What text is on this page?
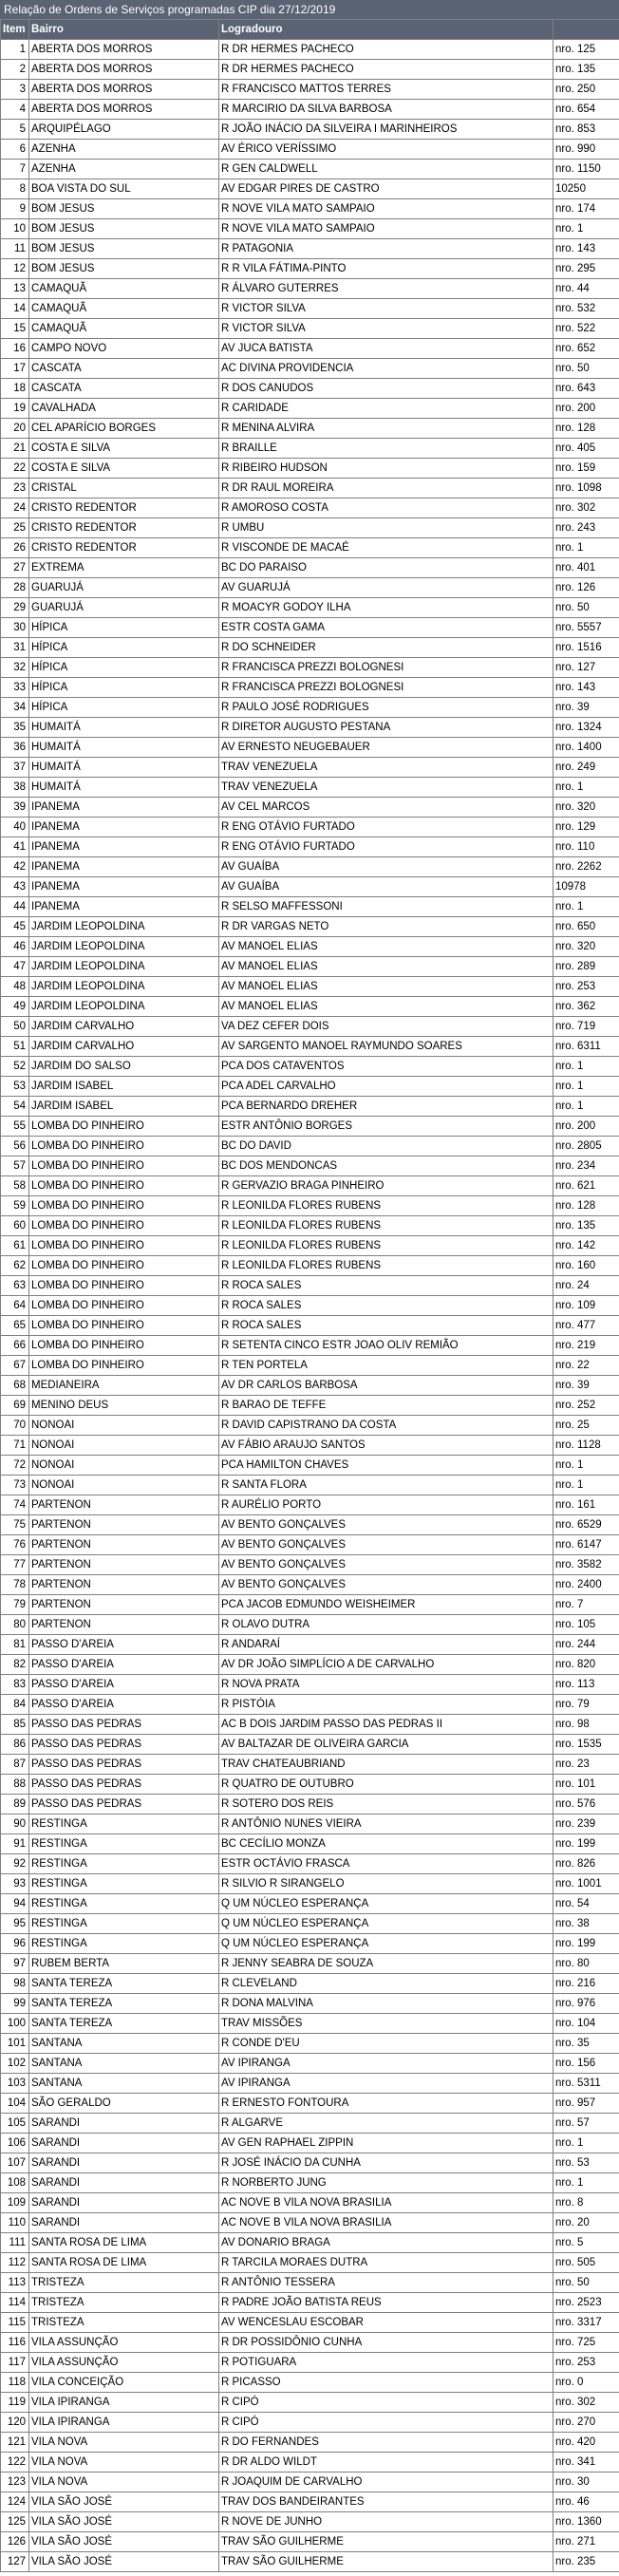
Relação de Ordens de Serviços programadas CIP dia 27/12/2019
Item	Bairro	Logradouro	
1	ABERTA DOS MORROS	R DR HERMES PACHECO	nro. 125
2	ABERTA DOS MORROS	R DR HERMES PACHECO	nro. 135
3	ABERTA DOS MORROS	R FRANCISCO MATTOS TERRES	nro. 250
4	ABERTA DOS MORROS	R MARCIRIO DA SILVA BARBOSA	nro. 654
5	ARQUIPÉLAGO	R JOÃO INÁCIO DA SILVEIRA I MARINHEIROS	nro. 853
6	AZENHA	AV ÉRICO VERÍSSIMO	nro. 990
7	AZENHA	R GEN CALDWELL	nro. 1150
8	BOA VISTA DO SUL	AV EDGAR PIRES DE CASTRO	10250
9	BOM JESUS	R NOVE VILA MATO SAMPAIO	nro. 174
10	BOM JESUS	R NOVE VILA MATO SAMPAIO	nro. 1
11	BOM JESUS	R PATAGONIA	nro. 143
12	BOM JESUS	R R VILA FÁTIMA-PINTO	nro. 295
13	CAMAQUÃ	R ÁLVARO GUTERRES	nro. 44
14	CAMAQUÃ	R VICTOR SILVA	nro. 532
15	CAMAQUÃ	R VICTOR SILVA	nro. 522
16	CAMPO NOVO	AV JUCA BATISTA	nro. 652
17	CASCATA	AC DIVINA PROVIDENCIA	nro. 50
18	CASCATA	R DOS CANUDOS	nro. 643
19	CAVALHADA	R CARIDADE	nro. 200
20	CEL APARÍCIO BORGES	R MENINA ALVIRA	nro. 128
21	COSTA E SILVA	R BRAILLE	nro. 405
22	COSTA E SILVA	R RIBEIRO HUDSON	nro. 159
23	CRISTAL	R DR RAUL MOREIRA	nro. 1098
24	CRISTO REDENTOR	R AMOROSO COSTA	nro. 302
25	CRISTO REDENTOR	R UMBU	nro. 243
26	CRISTO REDENTOR	R VISCONDE DE MACAÉ	nro. 1
27	EXTREMA	BC DO PARAISO	nro. 401
28	GUARUJÁ	AV GUARUJÁ	nro. 126
29	GUARUJÁ	R MOACYR GODOY ILHA	nro. 50
30	HÍPICA	ESTR COSTA GAMA	nro. 5557
31	HÍPICA	R DO SCHNEIDER	nro. 1516
32	HÍPICA	R FRANCISCA PREZZI BOLOGNESI	nro. 127
33	HÍPICA	R FRANCISCA PREZZI BOLOGNESI	nro. 143
34	HÍPICA	R PAULO JOSÉ RODRIGUES	nro. 39
35	HUMAITÁ	R DIRETOR AUGUSTO PESTANA	nro. 1324
36	HUMAITÁ	AV ERNESTO NEUGEBAUER	nro. 1400
37	HUMAITÁ	TRAV VENEZUELA	nro. 249
38	HUMAITÁ	TRAV VENEZUELA	nro. 1
39	IPANEMA	AV CEL MARCOS	nro. 320
40	IPANEMA	R ENG OTÁVIO FURTADO	nro. 129
41	IPANEMA	R ENG OTÁVIO FURTADO	nro. 110
42	IPANEMA	AV GUAÍBA	nro. 2262
43	IPANEMA	AV GUAÍBA	10978
44	IPANEMA	R SELSO MAFFESSONI	nro. 1
45	JARDIM LEOPOLDINA	R DR VARGAS NETO	nro. 650
46	JARDIM LEOPOLDINA	AV MANOEL ELIAS	nro. 320
47	JARDIM LEOPOLDINA	AV MANOEL ELIAS	nro. 289
48	JARDIM LEOPOLDINA	AV MANOEL ELIAS	nro. 253
49	JARDIM LEOPOLDINA	AV MANOEL ELIAS	nro. 362
50	JARDIM CARVALHO	VA DEZ CEFER DOIS	nro. 719
51	JARDIM CARVALHO	AV SARGENTO MANOEL RAYMUNDO SOARES	nro. 6311
52	JARDIM DO SALSO	PCA DOS CATAVENTOS	nro. 1
53	JARDIM ISABEL	PCA ADEL CARVALHO	nro. 1
54	JARDIM ISABEL	PCA BERNARDO DREHER	nro. 1
55	LOMBA DO PINHEIRO	ESTR ANTÔNIO BORGES	nro. 200
56	LOMBA DO PINHEIRO	BC DO DAVID	nro. 2805
57	LOMBA DO PINHEIRO	BC DOS MENDONCAS	nro. 234
58	LOMBA DO PINHEIRO	R GERVAZIO BRAGA PINHEIRO	nro. 621
59	LOMBA DO PINHEIRO	R LEONILDA FLORES RUBENS	nro. 128
60	LOMBA DO PINHEIRO	R LEONILDA FLORES RUBENS	nro. 135
61	LOMBA DO PINHEIRO	R LEONILDA FLORES RUBENS	nro. 142
62	LOMBA DO PINHEIRO	R LEONILDA FLORES RUBENS	nro. 160
63	LOMBA DO PINHEIRO	R ROCA SALES	nro. 24
64	LOMBA DO PINHEIRO	R ROCA SALES	nro. 109
65	LOMBA DO PINHEIRO	R ROCA SALES	nro. 477
66	LOMBA DO PINHEIRO	R SETENTA CINCO ESTR JOAO OLIV REMIÃO	nro. 219
67	LOMBA DO PINHEIRO	R TEN PORTELA	nro. 22
68	MEDIANEIRA	AV DR CARLOS BARBOSA	nro. 39
69	MENINO DEUS	R BARAO DE TEFFE	nro. 252
70	NONOAI	R DAVID CAPISTRANO DA COSTA	nro. 25
71	NONOAI	AV FÁBIO ARAUJO SANTOS	nro. 1128
72	NONOAI	PCA HAMILTON CHAVES	nro. 1
73	NONOAI	R SANTA FLORA	nro. 1
74	PARTENON	R AURÉLIO PORTO	nro. 161
75	PARTENON	AV BENTO GONÇALVES	nro. 6529
76	PARTENON	AV BENTO GONÇALVES	nro. 6147
77	PARTENON	AV BENTO GONÇALVES	nro. 3582
78	PARTENON	AV BENTO GONÇALVES	nro. 2400
79	PARTENON	PCA JACOB EDMUNDO WEISHEIMER	nro. 7
80	PARTENON	R OLAVO DUTRA	nro. 105
81	PASSO D'AREIA	R ANDARAÍ	nro. 244
82	PASSO D'AREIA	AV DR JOÃO SIMPLÍCIO A DE CARVALHO	nro. 820
83	PASSO D'AREIA	R NOVA PRATA	nro. 113
84	PASSO D'AREIA	R PISTÓIA	nro. 79
85	PASSO DAS PEDRAS	AC B DOIS JARDIM PASSO DAS PEDRAS II	nro. 98
86	PASSO DAS PEDRAS	AV BALTAZAR DE OLIVEIRA GARCIA	nro. 1535
87	PASSO DAS PEDRAS	TRAV CHATEAUBRIAND	nro. 23
88	PASSO DAS PEDRAS	R QUATRO DE OUTUBRO	nro. 101
89	PASSO DAS PEDRAS	R SOTERO DOS REIS	nro. 576
90	RESTINGA	R ANTÔNIO NUNES VIEIRA	nro. 239
91	RESTINGA	BC CECÍLIO MONZA	nro. 199
92	RESTINGA	ESTR OCTÁVIO FRASCA	nro. 826
93	RESTINGA	R SILVIO R SIRANGELO	nro. 1001
94	RESTINGA	Q UM NÚCLEO ESPERANÇA	nro. 54
95	RESTINGA	Q UM NÚCLEO ESPERANÇA	nro. 38
96	RESTINGA	Q UM NÚCLEO ESPERANÇA	nro. 199
97	RUBEM BERTA	R JENNY SEABRA DE SOUZA	nro. 80
98	SANTA TEREZA	R CLEVELAND	nro. 216
99	SANTA TEREZA	R DONA MALVINA	nro. 976
100	SANTA TEREZA	TRAV MISSÕES	nro. 104
101	SANTANA	R CONDE D'EU	nro. 35
102	SANTANA	AV IPIRANGA	nro. 156
103	SANTANA	AV IPIRANGA	nro. 5311
104	SÃO GERALDO	R ERNESTO FONTOURA	nro. 957
105	SARANDI	R ALGARVE	nro. 57
106	SARANDI	AV GEN RAPHAEL ZIPPIN	nro. 1
107	SARANDI	R JOSÉ INÁCIO DA CUNHA	nro. 53
108	SARANDI	R NORBERTO JUNG	nro. 1
109	SARANDI	AC NOVE B VILA NOVA BRASILIA	nro. 8
110	SARANDI	AC NOVE B VILA NOVA BRASILIA	nro. 20
111	SANTA ROSA DE LIMA	AV DONARIO BRAGA	nro. 5
112	SANTA ROSA DE LIMA	R TARCILA MORAES DUTRA	nro. 505
113	TRISTEZA	R ANTÔNIO TESSERA	nro. 50
114	TRISTEZA	R PADRE JOÃO BATISTA REUS	nro. 2523
115	TRISTEZA	AV WENCESLAU ESCOBAR	nro. 3317
116	VILA ASSUNÇÃO	R DR POSSIDÔNIO CUNHA	nro. 725
117	VILA ASSUNÇÃO	R POTIGUARA	nro. 253
118	VILA CONCEIÇÃO	R PICASSO	nro. 0
119	VILA IPIRANGA	R CIPÓ	nro. 302
120	VILA IPIRANGA	R CIPÓ	nro. 270
121	VILA NOVA	R DO FERNANDES	nro. 420
122	VILA NOVA	R DR ALDO WILDT	nro. 341
123	VILA NOVA	R JOAQUIM DE CARVALHO	nro. 30
124	VILA SÃO JOSÉ	TRAV DOS BANDEIRANTES	nro. 46
125	VILA SÃO JOSÉ	R NOVE DE JUNHO	nro. 1360
126	VILA SÃO JOSÉ	TRAV SÃO GUILHERME	nro. 271
127	VILA SÃO JOSÉ	TRAV SÃO GUILHERME	nro. 235
